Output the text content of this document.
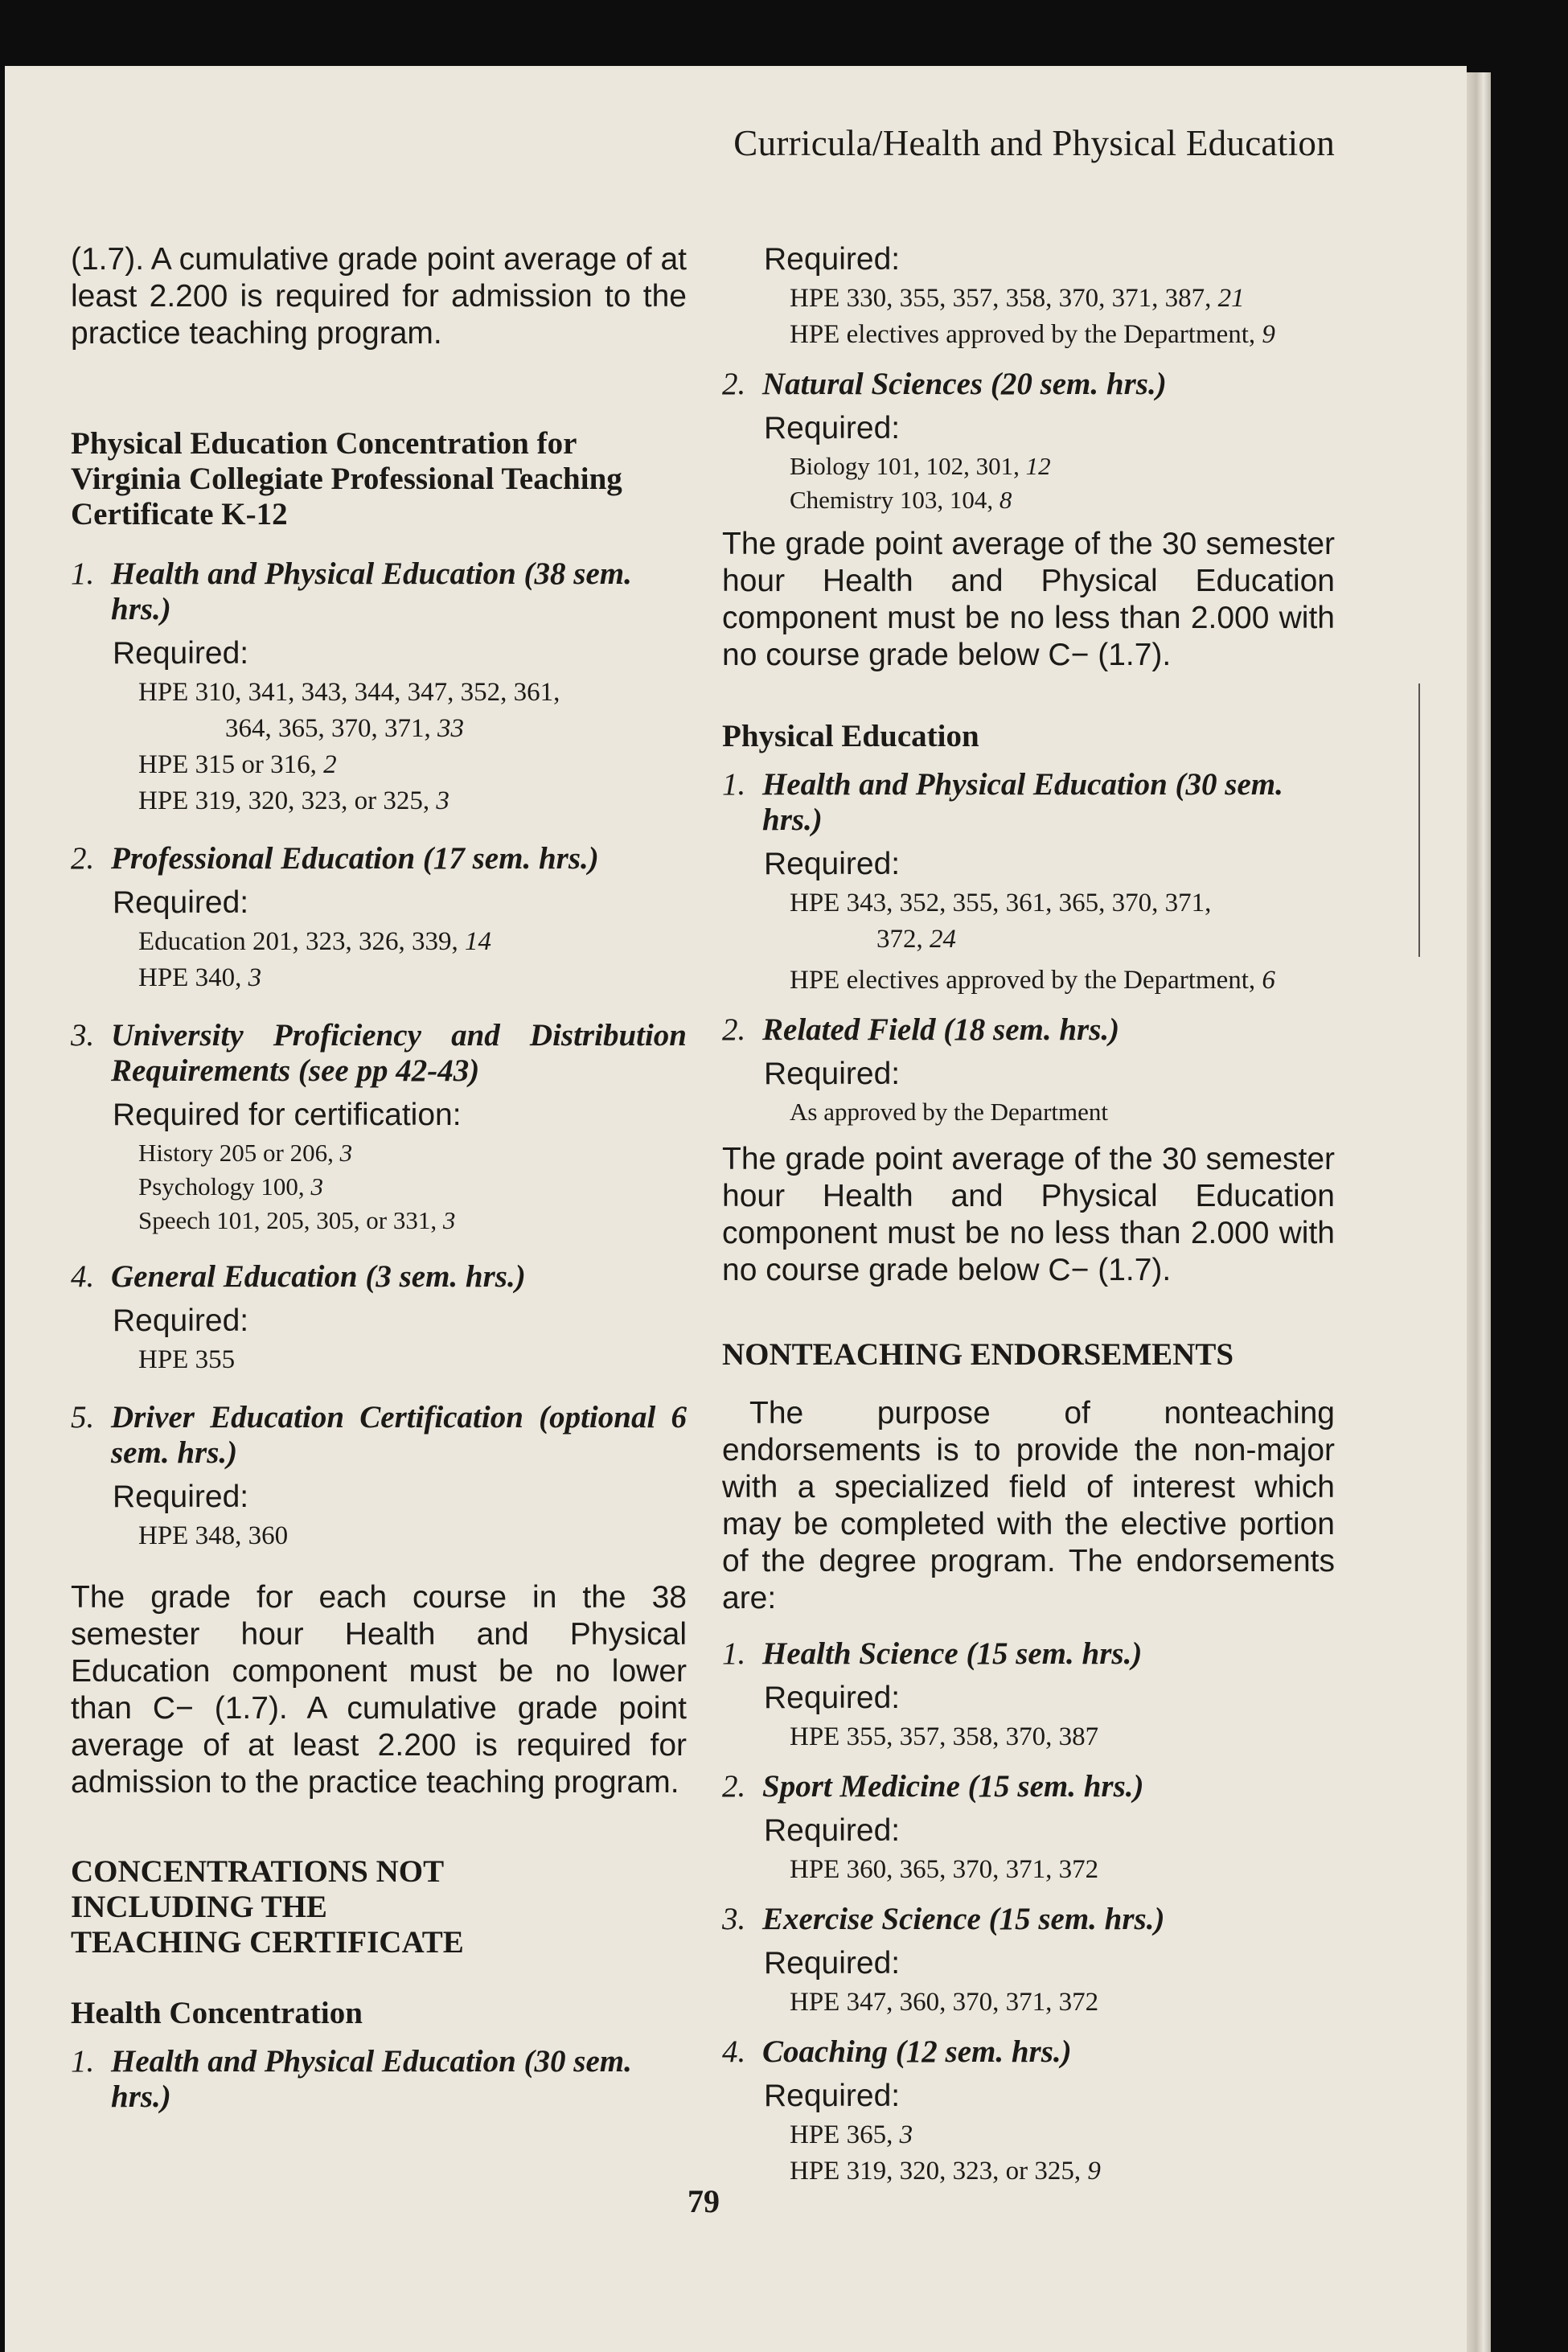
Curricula/Health and Physical Education

(1.7). A cumulative grade point average of at least 2.200 is required for admission to the practice teaching program.

Physical Education Concentration for Virginia Collegiate Professional Teaching Certificate K-12
1. Health and Physical Education (38 sem. hrs.)
Required:
HPE 310, 341, 343, 344, 347, 352, 361,
364, 365, 370, 371, 33
HPE 315 or 316, 2
HPE 319, 320, 323, or 325, 3
2. Professional Education (17 sem. hrs.)
Required:
Education 201, 323, 326, 339, 14
HPE 340, 3
3. University Proficiency and Distribution Requirements (see pp 42-43)
Required for certification:
History 205 or 206, 3
Psychology 100, 3
Speech 101, 205, 305, or 331, 3
4. General Education (3 sem. hrs.)
Required:
HPE 355
5. Driver Education Certification (optional 6 sem. hrs.)
Required:
HPE 348, 360

The grade for each course in the 38 semester hour Health and Physical Education component must be no lower than C− (1.7). A cumulative grade point average of at least 2.200 is required for admission to the practice teaching program.

CONCENTRATIONS NOT
INCLUDING THE
TEACHING CERTIFICATE
Health Concentration
1. Health and Physical Education (30 sem. hrs.)
Required:
HPE 330, 355, 357, 358, 370, 371, 387, 21
HPE electives approved by the Department, 9
2. Natural Sciences (20 sem. hrs.)
Required:
Biology 101, 102, 301, 12
Chemistry 103, 104, 8

The grade point average of the 30 semester hour Health and Physical Education component must be no less than 2.000 with no course grade below C− (1.7).

Physical Education
1. Health and Physical Education (30 sem. hrs.)
Required:
HPE 343, 352, 355, 361, 365, 370, 371,
372, 24
HPE electives approved by the Department, 6
2. Related Field (18 sem. hrs.)
Required:
As approved by the Department

The grade point average of the 30 semester hour Health and Physical Education component must be no less than 2.000 with no course grade below C− (1.7).

NONTEACHING ENDORSEMENTS

The purpose of nonteaching endorsements is to provide the non-major with a specialized field of interest which may be completed with the elective portion of the degree program. The endorsements are:

1. Health Science (15 sem. hrs.)
Required:
HPE 355, 357, 358, 370, 387
2. Sport Medicine (15 sem. hrs.)
Required:
HPE 360, 365, 370, 371, 372
3. Exercise Science (15 sem. hrs.)
Required:
HPE 347, 360, 370, 371, 372
4. Coaching (12 sem. hrs.)
Required:
HPE 365, 3
HPE 319, 320, 323, or 325, 9
79
